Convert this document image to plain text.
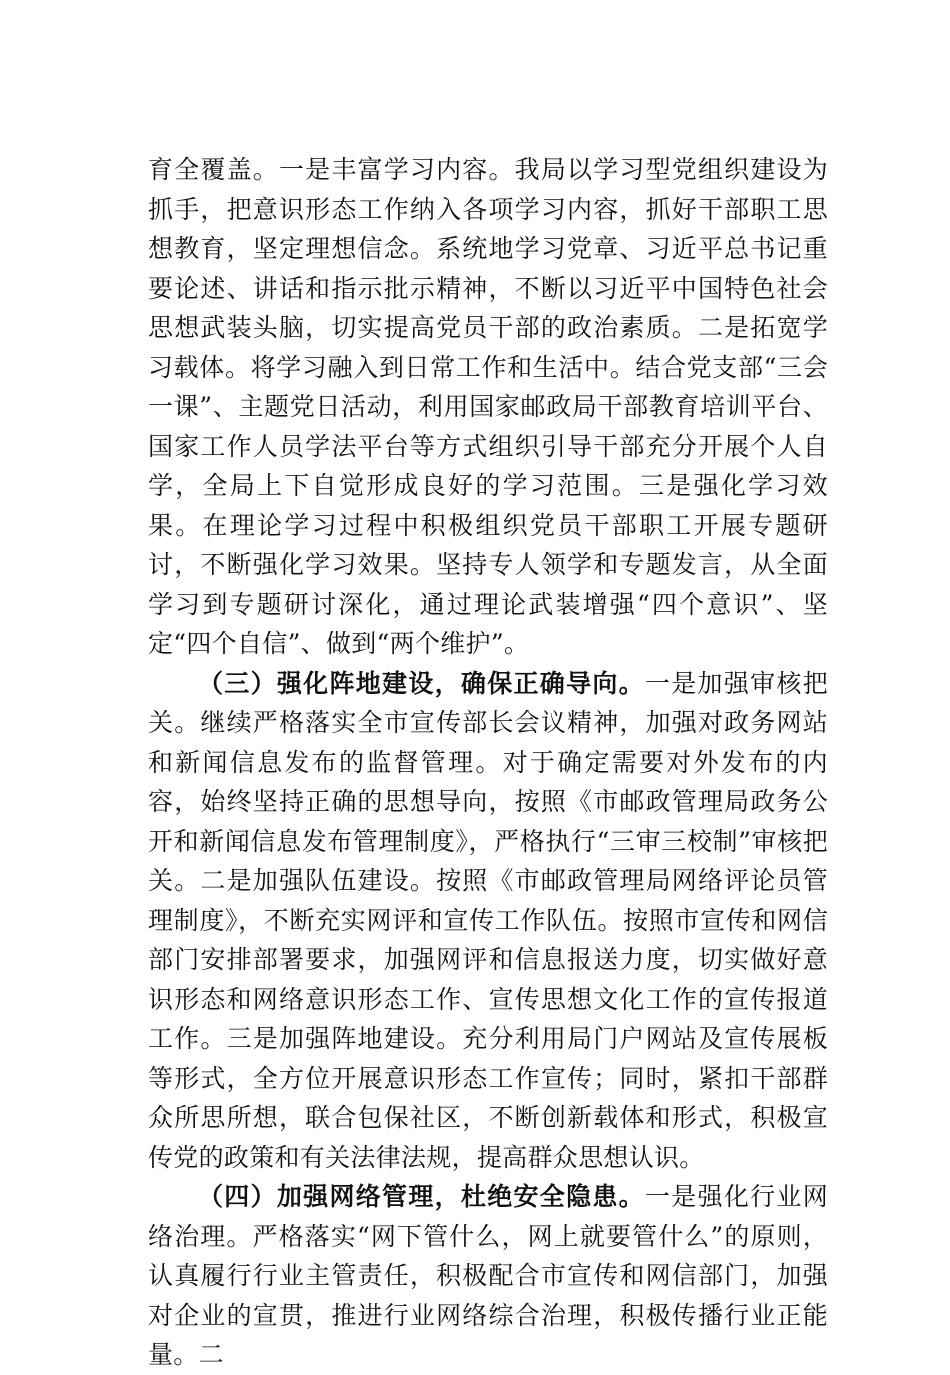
育全覆盖。一是丰富学习内容。我局以学习型党组织建设为抓手，把意识形态工作纳入各项学习内容，抓好干部职工思想教育，坚定理想信念。系统地学习党章、习近平总书记重要论述、讲话和指示批示精神，不断以习近平中国特色社会思想武装头脑，切实提高党员干部的政治素质。二是拓宽学习载体。将学习融入到日常工作和生活中。结合党支部“三会一课”、主题党日活动，利用国家邮政局干部教育培训平台、国家工作人员学法平台等方式组织引导干部充分开展个人自学，全局上下自觉形成良好的学习范围。三是强化学习效果。在理论学习过程中积极组织党员干部职工开展专题研讨，不断强化学习效果。坚持专人领学和专题发言，从全面学习到专题研讨深化，通过理论武装增强“四个意识”、坚定“四个自信”、做到“两个维护”。

（三）强化阵地建设，确保正确导向。一是加强审核把关。继续严格落实全市宣传部长会议精神，加强对政务网站和新闻信息发布的监督管理。对于确定需要对外发布的内容，始终坚持正确的思想导向，按照《市邮政管理局政务公开和新闻信息发布管理制度》，严格执行“三审三校制”审核把关。二是加强队伍建设。按照《市邮政管理局网络评论员管理制度》，不断充实网评和宣传工作队伍。按照市宣传和网信部门安排部署要求，加强网评和信息报送力度，切实做好意识形态和网络意识形态工作、宣传思想文化工作的宣传报道工作。三是加强阵地建设。充分利用局门户网站及宣传展板等形式，全方位开展意识形态工作宣传；同时，紧扣干部群众所思所想，联合包保社区，不断创新载体和形式，积极宣传党的政策和有关法律法规，提高群众思想认识。

（四）加强网络管理，杜绝安全隐患。一是强化行业网络治理。严格落实“网下管什么，网上就要管什么”的原则，认真履行行业主管责任，积极配合市宣传和网信部门，加强对企业的宣贯，推进行业网络综合治理，积极传播行业正能量。二
